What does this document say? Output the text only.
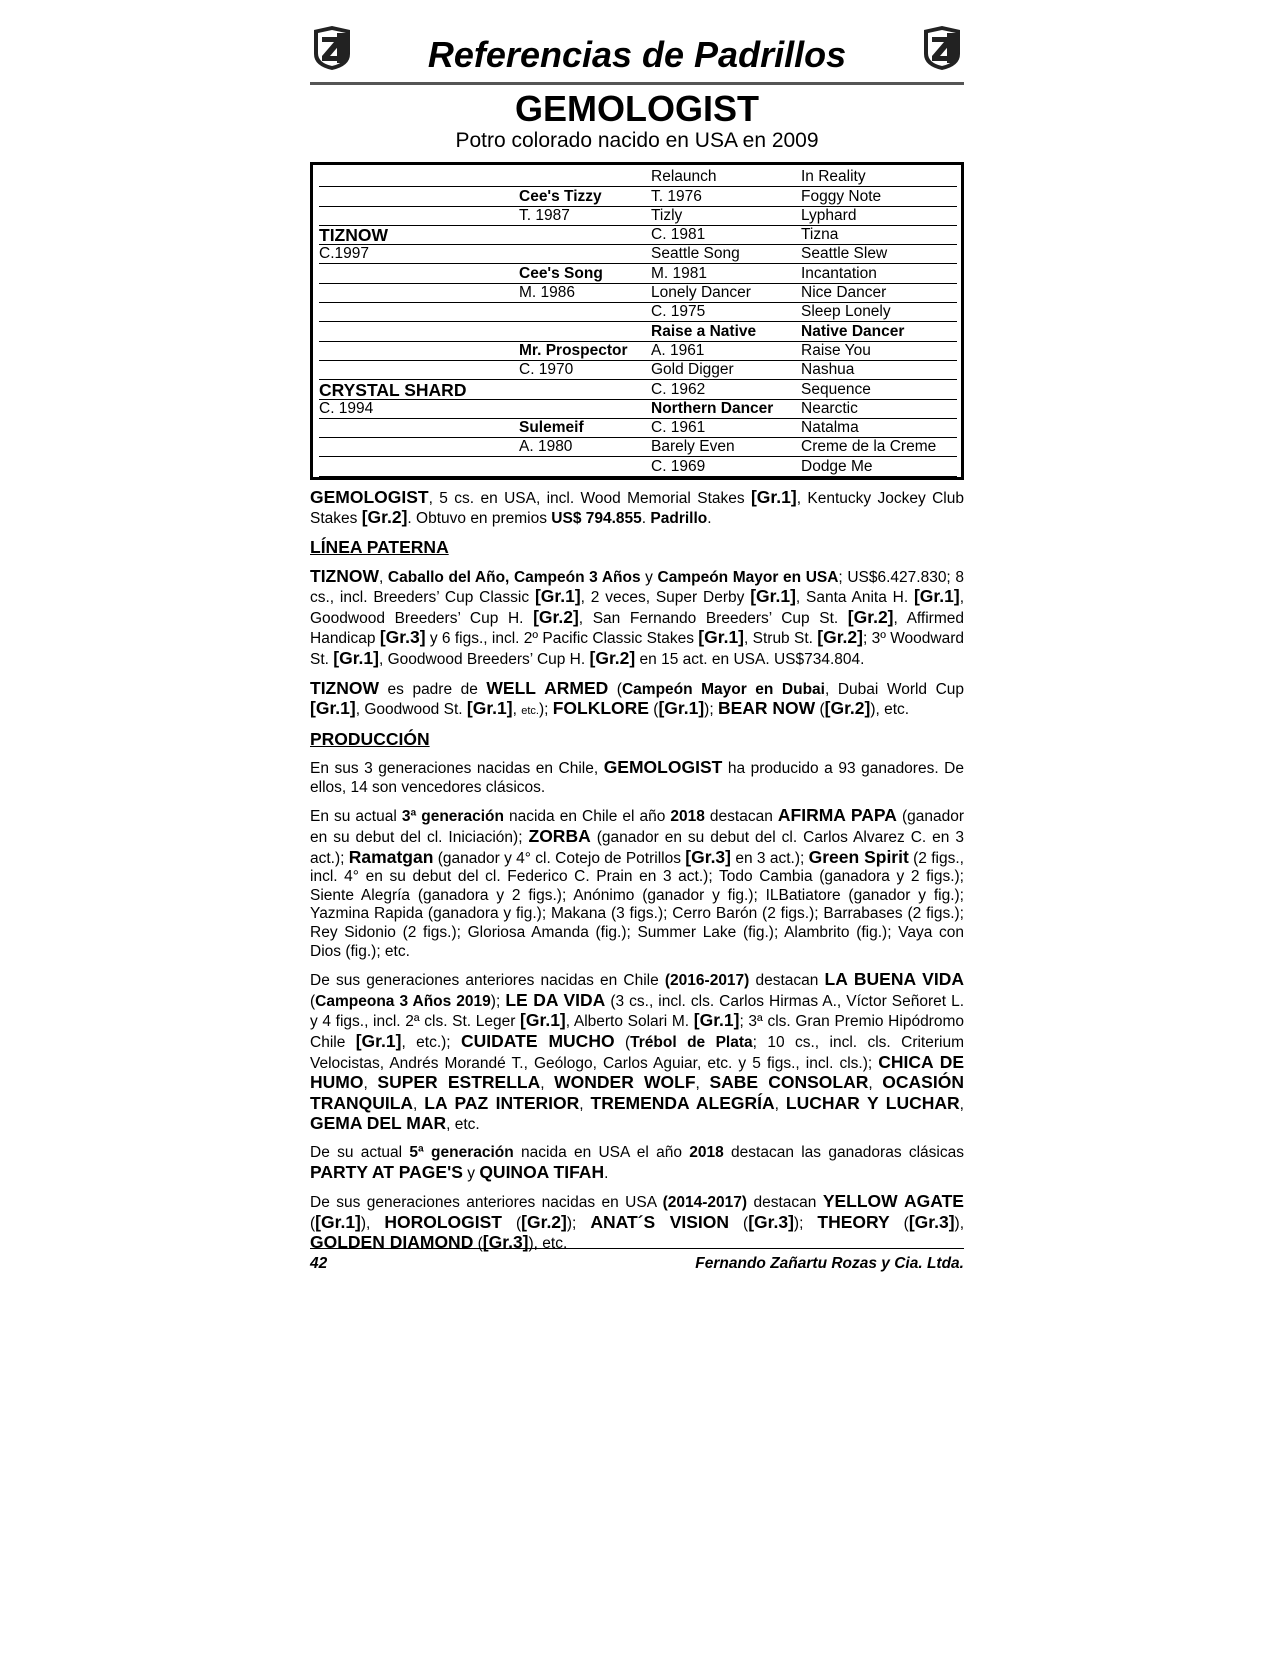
Referencias de Padrillos
GEMOLOGIST
Potro colorado nacido en USA en 2009
		Relaunch	In Reality
	Cee's Tizzy	T. 1976	Foggy Note
	T. 1987	Tizly	Lyphard
TIZNOW		C. 1981	Tizna
C.1997		Seattle Song	Seattle Slew
	Cee's Song	M. 1981	Incantation
	M. 1986	Lonely Dancer	Nice Dancer
		C. 1975	Sleep Lonely
		Raise a Native	Native Dancer
	Mr. Prospector	A. 1961	Raise You
	C. 1970	Gold Digger	Nashua
CRYSTAL SHARD		C. 1962	Sequence
C. 1994		Northern Dancer	Nearctic
	Sulemeif	C. 1961	Natalma
	A. 1980	Barely Even	Creme de la Creme
		C. 1969	Dodge Me

GEMOLOGIST, 5 cs. en USA, incl. Wood Memorial Stakes [Gr.1], Kentucky Jockey Club Stakes [Gr.2]. Obtuvo en premios US$ 794.855. Padrillo.

LÍNEA PATERNA

TIZNOW, Caballo del Año, Campeón 3 Años y Campeón Mayor en USA; US$6.427.830; 8 cs., incl. Breeders’ Cup Classic [Gr.1], 2 veces, Super Derby [Gr.1], Santa Anita H. [Gr.1], Goodwood Breeders’ Cup H. [Gr.2], San Fernando Breeders’ Cup St. [Gr.2], Affirmed Handicap [Gr.3] y 6 figs., incl. 2º Pacific Classic Stakes [Gr.1], Strub St. [Gr.2]; 3º Woodward St. [Gr.1], Goodwood Breeders’ Cup H. [Gr.2] en 15 act. en USA. US$734.804.

TIZNOW es padre de WELL ARMED (Campeón Mayor en Dubai, Dubai World Cup [Gr.1], Goodwood St. [Gr.1], etc.); FOLKLORE ([Gr.1]); BEAR NOW ([Gr.2]), etc.

PRODUCCIÓN

En sus 3 generaciones nacidas en Chile, GEMOLOGIST ha producido a 93 ganadores. De ellos, 14 son vencedores clásicos.

En su actual 3ª generación nacida en Chile el año 2018 destacan AFIRMA PAPA (ganador en su debut del cl. Iniciación); ZORBA (ganador en su debut del cl. Carlos Alvarez C. en 3 act.); Ramatgan (ganador y 4° cl. Cotejo de Potrillos [Gr.3] en 3 act.); Green Spirit (2 figs., incl. 4° en su debut del cl. Federico C. Prain en 3 act.); Todo Cambia (ganadora y 2 figs.); Siente Alegría (ganadora y 2 figs.); Anónimo (ganador y fig.); ILBatiatore (ganador y fig.); Yazmina Rapida (ganadora y fig.); Makana (3 figs.); Cerro Barón (2 figs.); Barrabases (2 figs.); Rey Sidonio (2 figs.); Gloriosa Amanda (fig.); Summer Lake (fig.); Alambrito (fig.); Vaya con Dios (fig.); etc.

De sus generaciones anteriores nacidas en Chile (2016-2017) destacan LA BUENA VIDA (Campeona 3 Años 2019); LE DA VIDA (3 cs., incl. cls. Carlos Hirmas A., Víctor Señoret L. y 4 figs., incl. 2ª cls. St. Leger [Gr.1], Alberto Solari M. [Gr.1]; 3ª cls. Gran Premio Hipódromo Chile [Gr.1], etc.); CUIDATE MUCHO (Trébol de Plata; 10 cs., incl. cls. Criterium Velocistas, Andrés Morandé T., Geólogo, Carlos Aguiar, etc. y 5 figs., incl. cls.); CHICA DE HUMO, SUPER ESTRELLA, WONDER WOLF, SABE CONSOLAR, OCASIÓN TRANQUILA, LA PAZ INTERIOR, TREMENDA ALEGRÍA, LUCHAR Y LUCHAR, GEMA DEL MAR, etc.

De su actual 5ª generación nacida en USA el año 2018 destacan las ganadoras clásicas PARTY AT PAGE'S y QUINOA TIFAH.

De sus generaciones anteriores nacidas en USA (2014-2017) destacan YELLOW AGATE ([Gr.1]), HOROLOGIST ([Gr.2]); ANAT´S VISION ([Gr.3]); THEORY ([Gr.3]), GOLDEN DIAMOND ([Gr.3]), etc.

42	Fernando Zañartu Rozas y Cia. Ltda.
